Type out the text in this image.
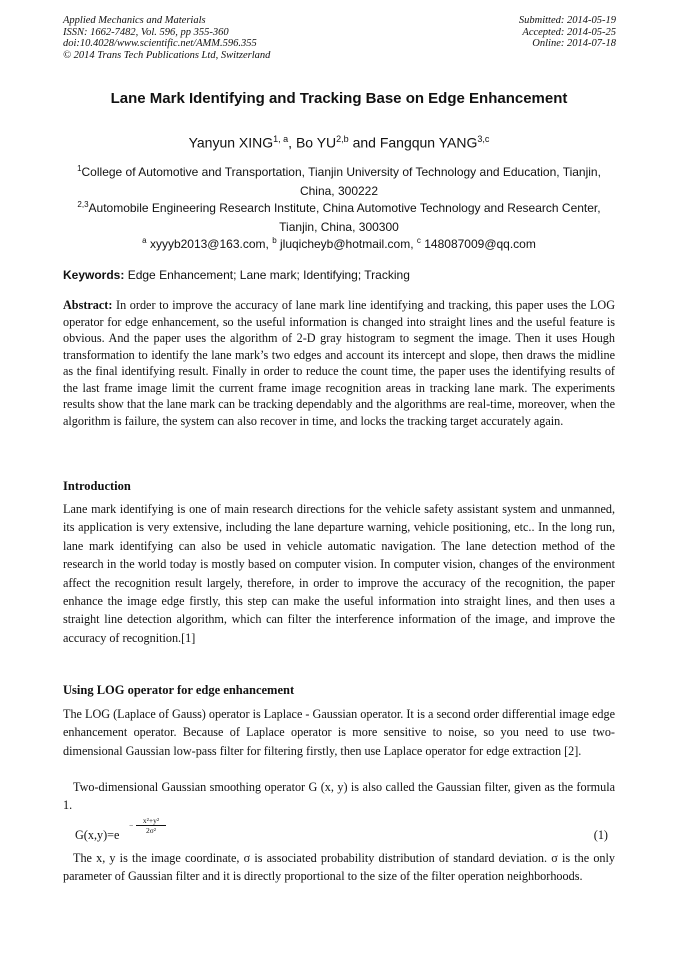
Applied Mechanics and Materials
ISSN: 1662-7482, Vol. 596, pp 355-360
doi:10.4028/www.scientific.net/AMM.596.355
© 2014 Trans Tech Publications Ltd, Switzerland
Submitted: 2014-05-19
Accepted: 2014-05-25
Online: 2014-07-18
Lane Mark Identifying and Tracking Base on Edge Enhancement
Yanyun XING$^{1, a}$, Bo YU$^{2,b}$ and Fangqun YANG$^{3,c}$
$^1$College of Automotive and Transportation, Tianjin University of Technology and Education, Tianjin, China, 300222
$^{2,3}$Automobile Engineering Research Institute, China Automotive Technology and Research Center, Tianjin, China, 300300
$^a$ xyyyb2013@163.com, $^b$ jluqicheyb@hotmail.com, $^c$ 148087009@qq.com
Keywords: Edge Enhancement; Lane mark; Identifying; Tracking

Abstract: In order to improve the accuracy of lane mark line identifying and tracking, this paper uses the LOG operator for edge enhancement, so the useful information is changed into straight lines and the useful feature is obvious. And the paper uses the algorithm of 2-D gray histogram to segment the image. Then it uses Hough transformation to identify the lane mark’s two edges and account its intercept and slope, then draws the midline as the final identifying result. Finally in order to reduce the count time, the paper uses the identifying results of the last frame image limit the current frame image recognition areas in tracking lane mark. The experiments results show that the lane mark can be tracking dependably and the algorithms are real-time, moreover, when the algorithm is failure, the system can also recover in time, and locks the tracking target accurately again.

Introduction

Lane mark identifying is one of main research directions for the vehicle safety assistant system and unmanned, its application is very extensive, including the lane departure warning, vehicle positioning, etc.. In the long run, lane mark identifying can also be used in vehicle automatic navigation. The lane detection method of the research in the world today is mostly based on computer vision. In computer vision, changes of the environment affect the recognition result largely, therefore, in order to improve the accuracy of the recognition, the paper enhance the image edge firstly, this step can make the useful information into straight lines, and then uses a straight line detection algorithm, which can filter the interference information of the image, and improve the accuracy of recognition.[1]

Using LOG operator for edge enhancement

The LOG (Laplace of Gauss) operator is Laplace - Gaussian operator. It is a second order differential image edge enhancement operator. Because of Laplace operator is more sensitive to noise, so you need to use two-dimensional Gaussian low-pass filter for filtering firstly, then use Laplace operator for edge extraction [2].

Two-dimensional Gaussian smoothing operator G (x, y) is also called the Gaussian filter, given as the formula 1.

G(x,y)=e
−
x²+y²
2σ²	(1)

The x, y is the image coordinate, σ is associated probability distribution of standard deviation. σ is the only parameter of Gaussian filter and it is directly proportional to the size of the filter operation neighborhoods.
